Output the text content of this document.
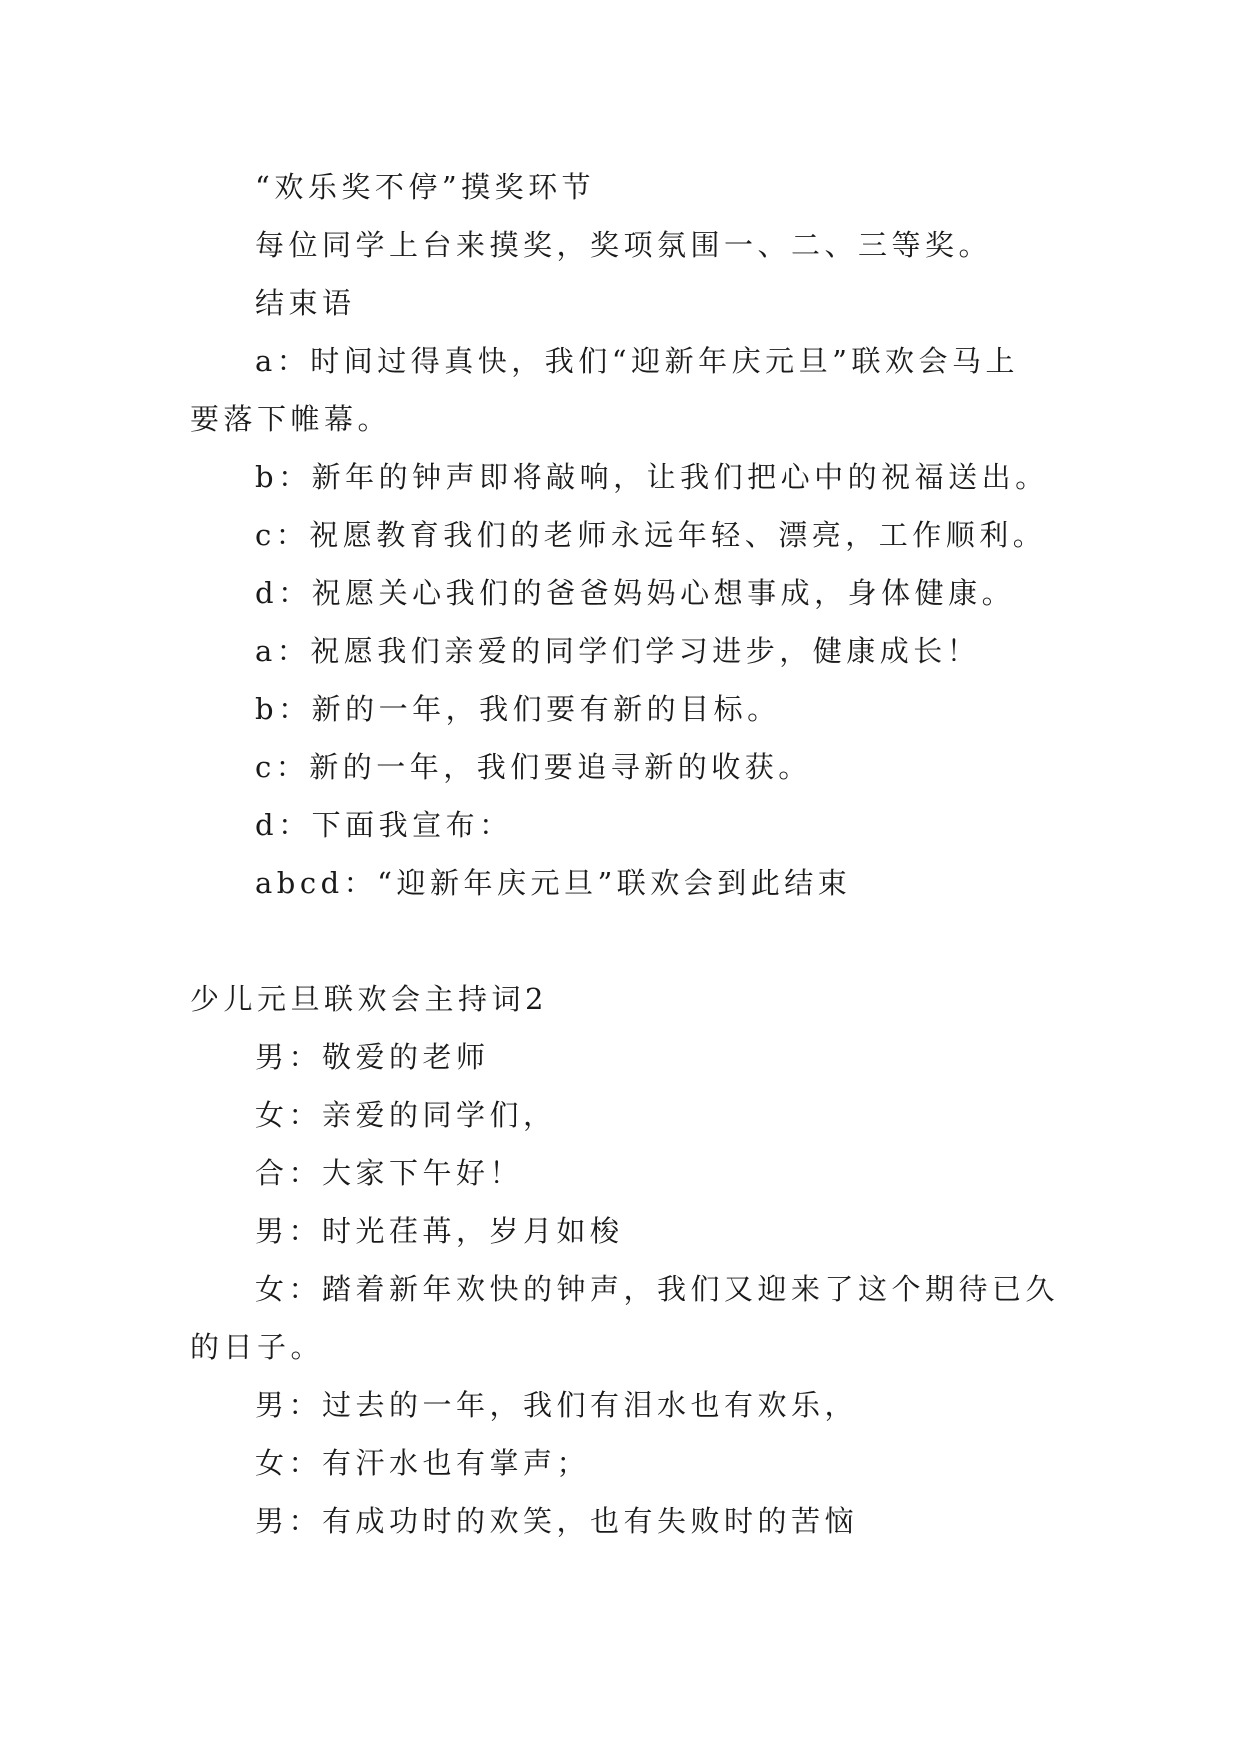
“欢乐奖不停”摸奖环节
每位同学上台来摸奖，奖项氛围一、二、三等奖。
结束语
a：时间过得真快，我们“迎新年庆元旦”联欢会马上
要落下帷幕。
b：新年的钟声即将敲响，让我们把心中的祝福送出。
c：祝愿教育我们的老师永远年轻、漂亮，工作顺利。
d：祝愿关心我们的爸爸妈妈心想事成，身体健康。
a：祝愿我们亲爱的同学们学习进步，健康成长！
b：新的一年，我们要有新的目标。
c：新的一年，我们要追寻新的收获。
d：下面我宣布：
abcd：“迎新年庆元旦”联欢会到此结束
少儿元旦联欢会主持词2
男：敬爱的老师
女：亲爱的同学们，
合：大家下午好！
男：时光荏苒，岁月如梭
女：踏着新年欢快的钟声，我们又迎来了这个期待已久
的日子。
男：过去的一年，我们有泪水也有欢乐，
女：有汗水也有掌声；
男：有成功时的欢笑，也有失败时的苦恼
